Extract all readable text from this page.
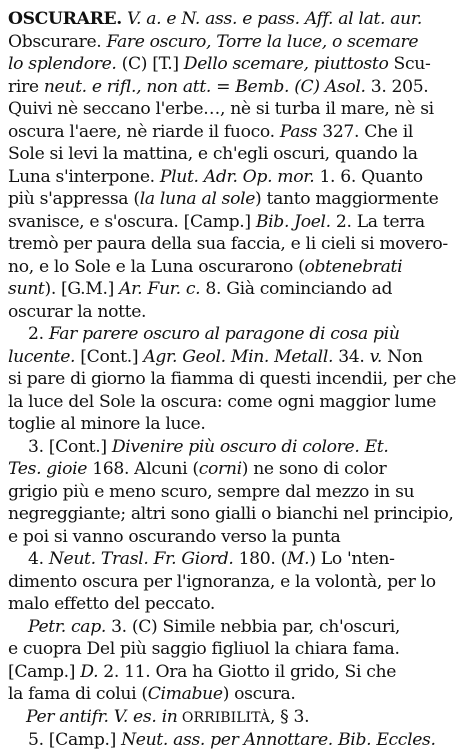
OSCURARE. V. a. e N. ass. e pass. Aff. al lat. aur.
Obscurare. Fare oscuro, Torre la luce, o scemare
lo splendore. (C) [T.] Dello scemare, piuttosto Scu-
rire neut. e rifl., non att. = Bemb. (C) Asol. 3. 205.
Quivi nè seccano l'erbe…, nè si turba il mare, nè si
oscura l'aere, nè riarde il fuoco. Pass 327. Che il
Sole si levi la mattina, e ch'egli oscuri, quando la
Luna s'interpone. Plut. Adr. Op. mor. 1. 6. Quanto
più s'appressa (la luna al sole) tanto maggiormente
svanisce, e s'oscura. [Camp.] Bib. Joel. 2. La terra
tremò per paura della sua faccia, e li cieli si movero-
no, e lo Sole e la Luna oscurarono (obtenebrati
sunt). [G.M.] Ar. Fur. c. 8. Già cominciando ad
oscurar la notte.
2. Far parere oscuro al paragone di cosa più
lucente. [Cont.] Agr. Geol. Min. Metall. 34. v. Non
si pare di giorno la fiamma di questi incendii, per che
la luce del Sole la oscura: come ogni maggior lume
toglie al minore la luce.
3. [Cont.] Divenire più oscuro di colore. Et.
Tes. gioie 168. Alcuni (corni) ne sono di color
grigio più e meno scuro, sempre dal mezzo in su
negreggiante; altri sono gialli o bianchi nel principio,
e poi si vanno oscurando verso la punta
4. Neut. Trasl. Fr. Giord. 180. (M.) Lo 'nten-
dimento oscura per l'ignoranza, e la volontà, per lo
malo effetto del peccato.
Petr. cap. 3. (C) Simile nebbia par, ch'oscuri,
e cuopra Del più saggio figliuol la chiara fama.
[Camp.] D. 2. 11. Ora ha Giotto il grido, Si che
la fama di colui (Cimabue) oscura.
Per antifr. V. es. in ORRIBILITÀ, § 3.
5. [Camp.] Neut. ass. per Annottare. Bib. Eccles.
